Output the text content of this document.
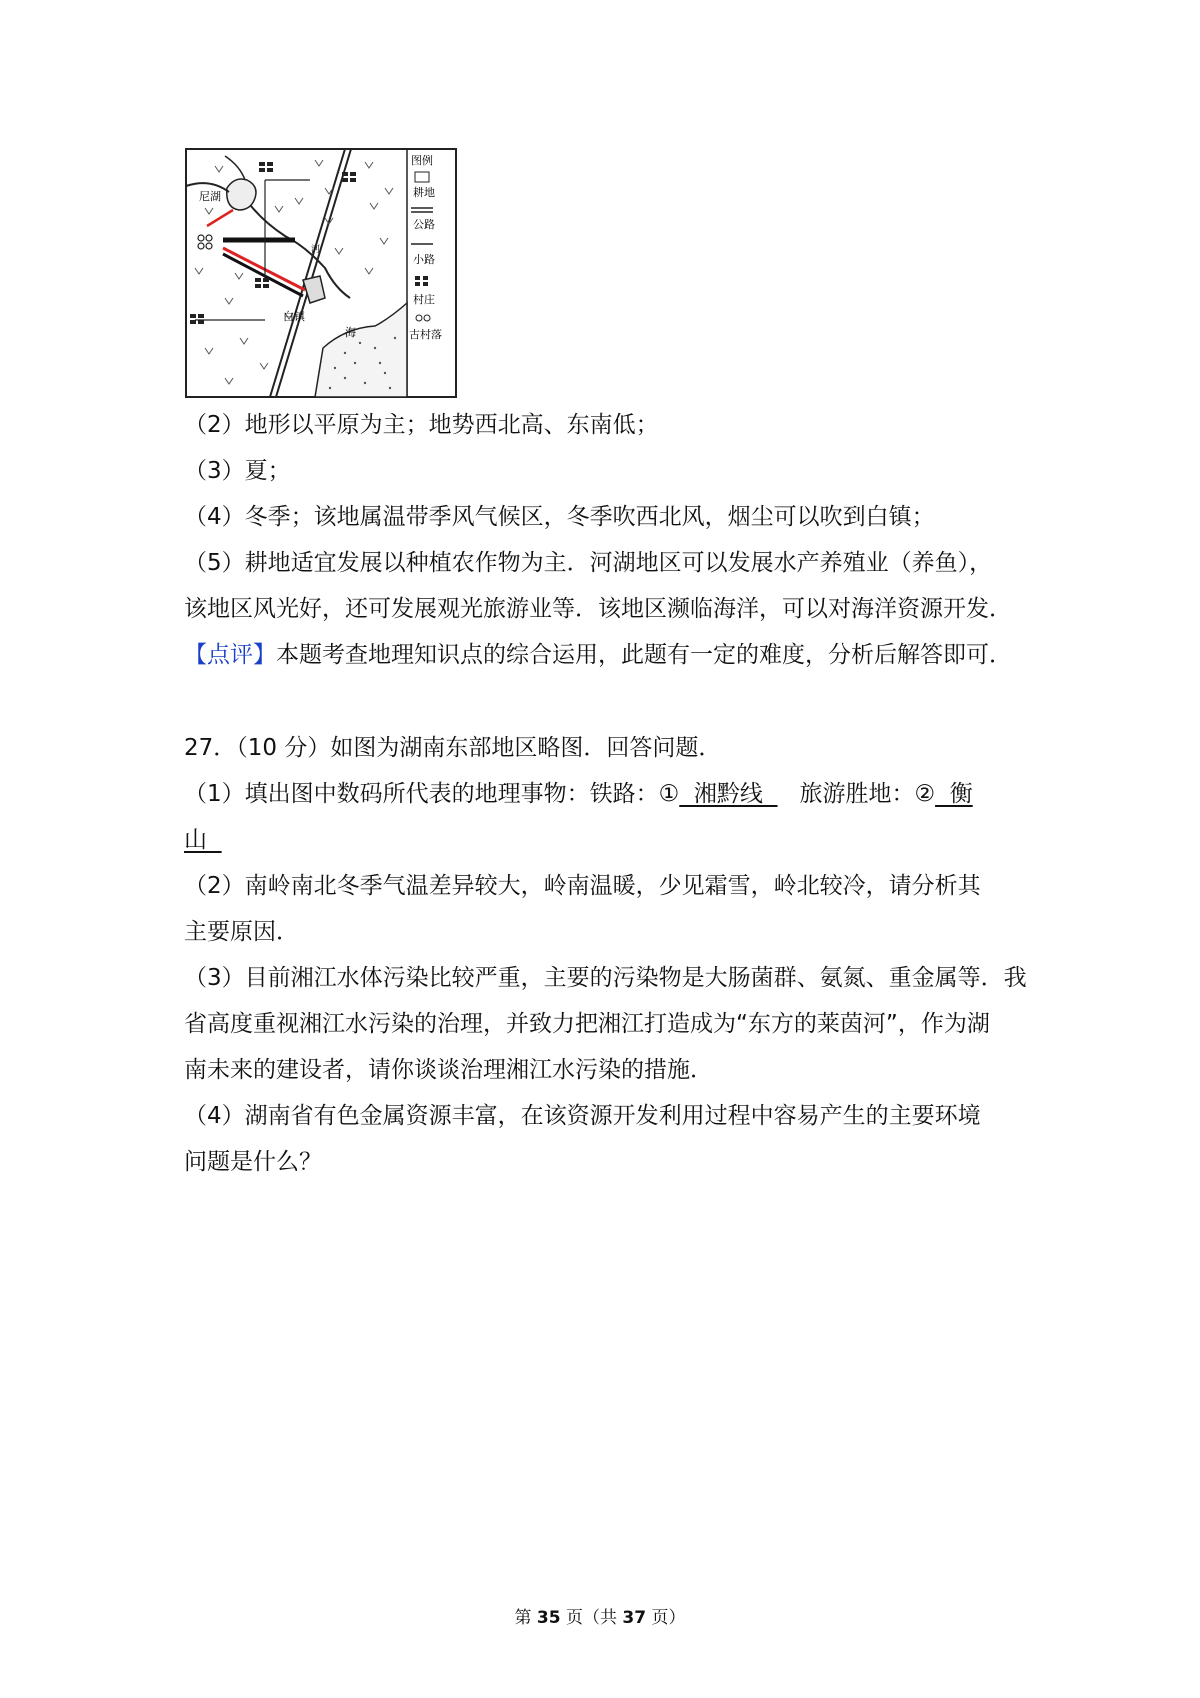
尼湖
白镇
海
河
图例
耕地
公路
小路
村庄
古村落
（2）地形以平原为主；地势西北高、东南低；
（3）夏；
（4）冬季；该地属温带季风气候区，冬季吹西北风，烟尘可以吹到白镇；
（5）耕地适宜发展以种植农作物为主．河湖地区可以发展水产养殖业（养鱼），
该地区风光好，还可发展观光旅游业等．该地区濒临海洋，可以对海洋资源开发．
【点评】本题考查地理知识点的综合运用，此题有一定的难度，分析后解答即可．
27．（10 分）如图为湖南东部地区略图．回答问题．
（1）填出图中数码所代表的地理事物：铁路：①  湘黔线     旅游胜地：②  衡
山
（2）南岭南北冬季气温差异较大，岭南温暖，少见霜雪，岭北较冷，请分析其
主要原因．
（3）目前湘江水体污染比较严重，主要的污染物是大肠菌群、氨氮、重金属等．我
省高度重视湘江水污染的治理，并致力把湘江打造成为“东方的莱茵河”，作为湖
南未来的建设者，请你谈谈治理湘江水污染的措施．
（4）湖南省有色金属资源丰富，在该资源开发利用过程中容易产生的主要环境
问题是什么？
第 35 页（共 37 页）
